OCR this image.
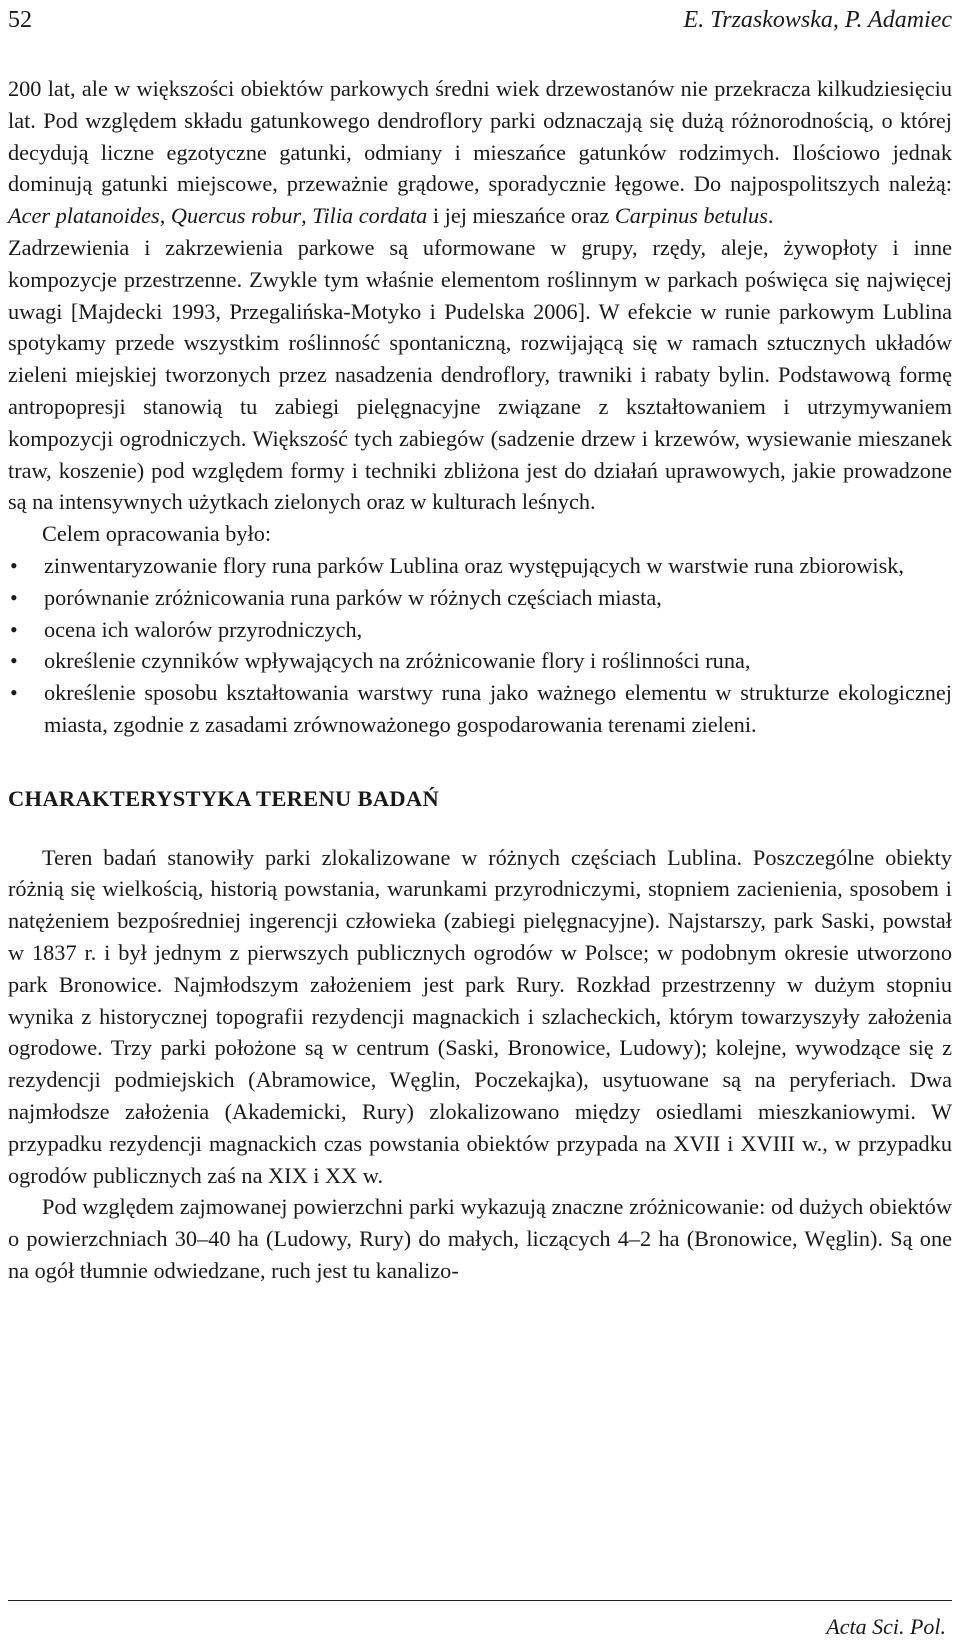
52	E. Trzaskowska, P. Adamiec

200 lat, ale w większości obiektów parkowych średni wiek drzewostanów nie przekracza kilkudziesięciu lat. Pod względem składu gatunkowego dendroflory parki odznaczają się dużą różnorodnością, o której decydują liczne egzotyczne gatunki, odmiany i mieszańce gatunków rodzimych. Ilościowo jednak dominują gatunki miejscowe, przeważnie grądowe, sporadycznie łęgowe. Do najpospolitszych należą: Acer platanoides, Quercus robur, Tilia cordata i jej mieszańce oraz Carpinus betulus.

Zadrzewienia i zakrzewienia parkowe są uformowane w grupy, rzędy, aleje, żywopłoty i inne kompozycje przestrzenne. Zwykle tym właśnie elementom roślinnym w parkach poświęca się najwięcej uwagi [Majdecki 1993, Przegalińska-Motyko i Pudelska 2006]. W efekcie w runie parkowym Lublina spotykamy przede wszystkim roślinność spontaniczną, rozwijającą się w ramach sztucznych układów zieleni miejskiej tworzonych przez nasadzenia dendroflory, trawniki i rabaty bylin. Podstawową formę antropopresji stanowią tu zabiegi pielęgnacyjne związane z kształtowaniem i utrzymywaniem kompozycji ogrodniczych. Większość tych zabiegów (sadzenie drzew i krzewów, wysiewanie mieszanek traw, koszenie) pod względem formy i techniki zbliżona jest do działań uprawowych, jakie prowadzone są na intensywnych użytkach zielonych oraz w kulturach leśnych.

Celem opracowania było:

• zinwentaryzowanie flory runa parków Lublina oraz występujących w warstwie runa zbiorowisk,
• porównanie zróżnicowania runa parków w różnych częściach miasta,
• ocena ich walorów przyrodniczych,
• określenie czynników wpływających na zróżnicowanie flory i roślinności runa,
• określenie sposobu kształtowania warstwy runa jako ważnego elementu w strukturze ekologicznej miasta, zgodnie z zasadami zrównoważonego gospodarowania terenami zieleni.
CHARAKTERYSTYKA TERENU BADAŃ

Teren badań stanowiły parki zlokalizowane w różnych częściach Lublina. Poszczególne obiekty różnią się wielkością, historią powstania, warunkami przyrodniczymi, stopniem zacienienia, sposobem i natężeniem bezpośredniej ingerencji człowieka (zabiegi pielęgnacyjne). Najstarszy, park Saski, powstał w 1837 r. i był jednym z pierwszych publicznych ogrodów w Polsce; w podobnym okresie utworzono park Bronowice. Najmłodszym założeniem jest park Rury. Rozkład przestrzenny w dużym stopniu wynika z historycznej topografii rezydencji magnackich i szlacheckich, którym towarzyszyły założenia ogrodowe. Trzy parki położone są w centrum (Saski, Bronowice, Ludowy); kolejne, wywodzące się z rezydencji podmiejskich (Abramowice, Węglin, Poczekajka), usytuowane są na peryferiach. Dwa najmłodsze założenia (Akademicki, Rury) zlokalizowano między osiedlami mieszkaniowymi. W przypadku rezydencji magnackich czas powstania obiektów przypada na XVII i XVIII w., w przypadku ogrodów publicznych zaś na XIX i XX w.

Pod względem zajmowanej powierzchni parki wykazują znaczne zróżnicowanie: od dużych obiektów o powierzchniach 30–40 ha (Ludowy, Rury) do małych, liczących 4–2 ha (Bronowice, Węglin). Są one na ogół tłumnie odwiedzane, ruch jest tu kanalizo-

Acta Sci. Pol.
